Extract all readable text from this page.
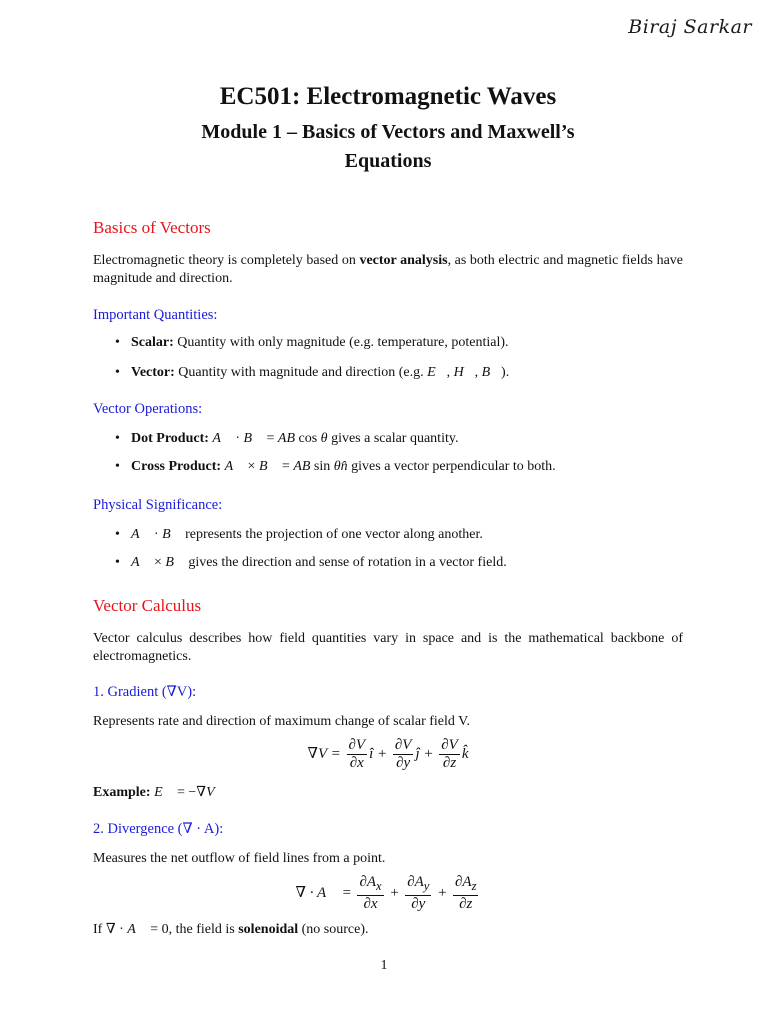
Biraj Sarkar
EC501: Electromagnetic Waves
Module 1 – Basics of Vectors and Maxwell’s
Equations
Basics of Vectors

Electromagnetic theory is completely based on vector analysis, as both electric and magnetic fields have magnitude and direction.

Important Quantities:
• Scalar: Quantity with only magnitude (e.g. temperature, potential).
• Vector: Quantity with magnitude and direction (e.g. E⃗, H⃗, B⃗).
Vector Operations:
• Dot Product: A⃗ · B⃗ = AB cos θ gives a scalar quantity.
• Cross Product: A⃗ × B⃗ = AB sin θn̂ gives a vector perpendicular to both.
Physical Significance:
• A⃗ · B⃗ represents the projection of one vector along another.
• A⃗ × B⃗ gives the direction and sense of rotation in a vector field.
Vector Calculus

Vector calculus describes how field quantities vary in space and is the mathematical backbone of electromagnetics.

1. Gradient (∇V):

Represents rate and direction of maximum change of scalar field V.

$\nabla V = \frac{\partial V}{\partial x}$ î + $\frac{\partial V}{\partial y}$ ĵ + $\frac{\partial V}{\partial z}$ k̂

Example: E⃗ = −∇V

2. Divergence (∇ · A):

Measures the net outflow of field lines from a point.

∇ · A⃗ = $\frac{\partial A_x}{\partial x} + \frac{\partial A_y}{\partial y} + \frac{\partial A_z}{\partial z}$

If ∇ · A⃗ = 0, the field is solenoidal (no source).

1
